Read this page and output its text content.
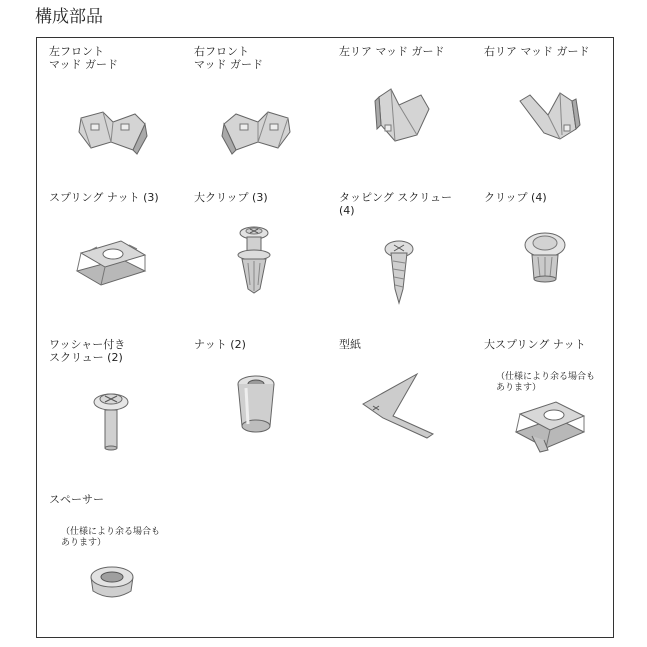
構成部品
左フロント
マッド ガード
右フロント
マッド ガード
左リア マッド ガード	右リア マッド ガード
スプリング ナット (3)	大クリップ (3)	タッピング スクリュー
(4)
クリップ (4)
ワッシャー付き
スクリュー (2)
ナット (2)	型紙	大スプリング ナット
（仕様により余る場合も
あります）
スペーサー
（仕様により余る場合も
あります）
